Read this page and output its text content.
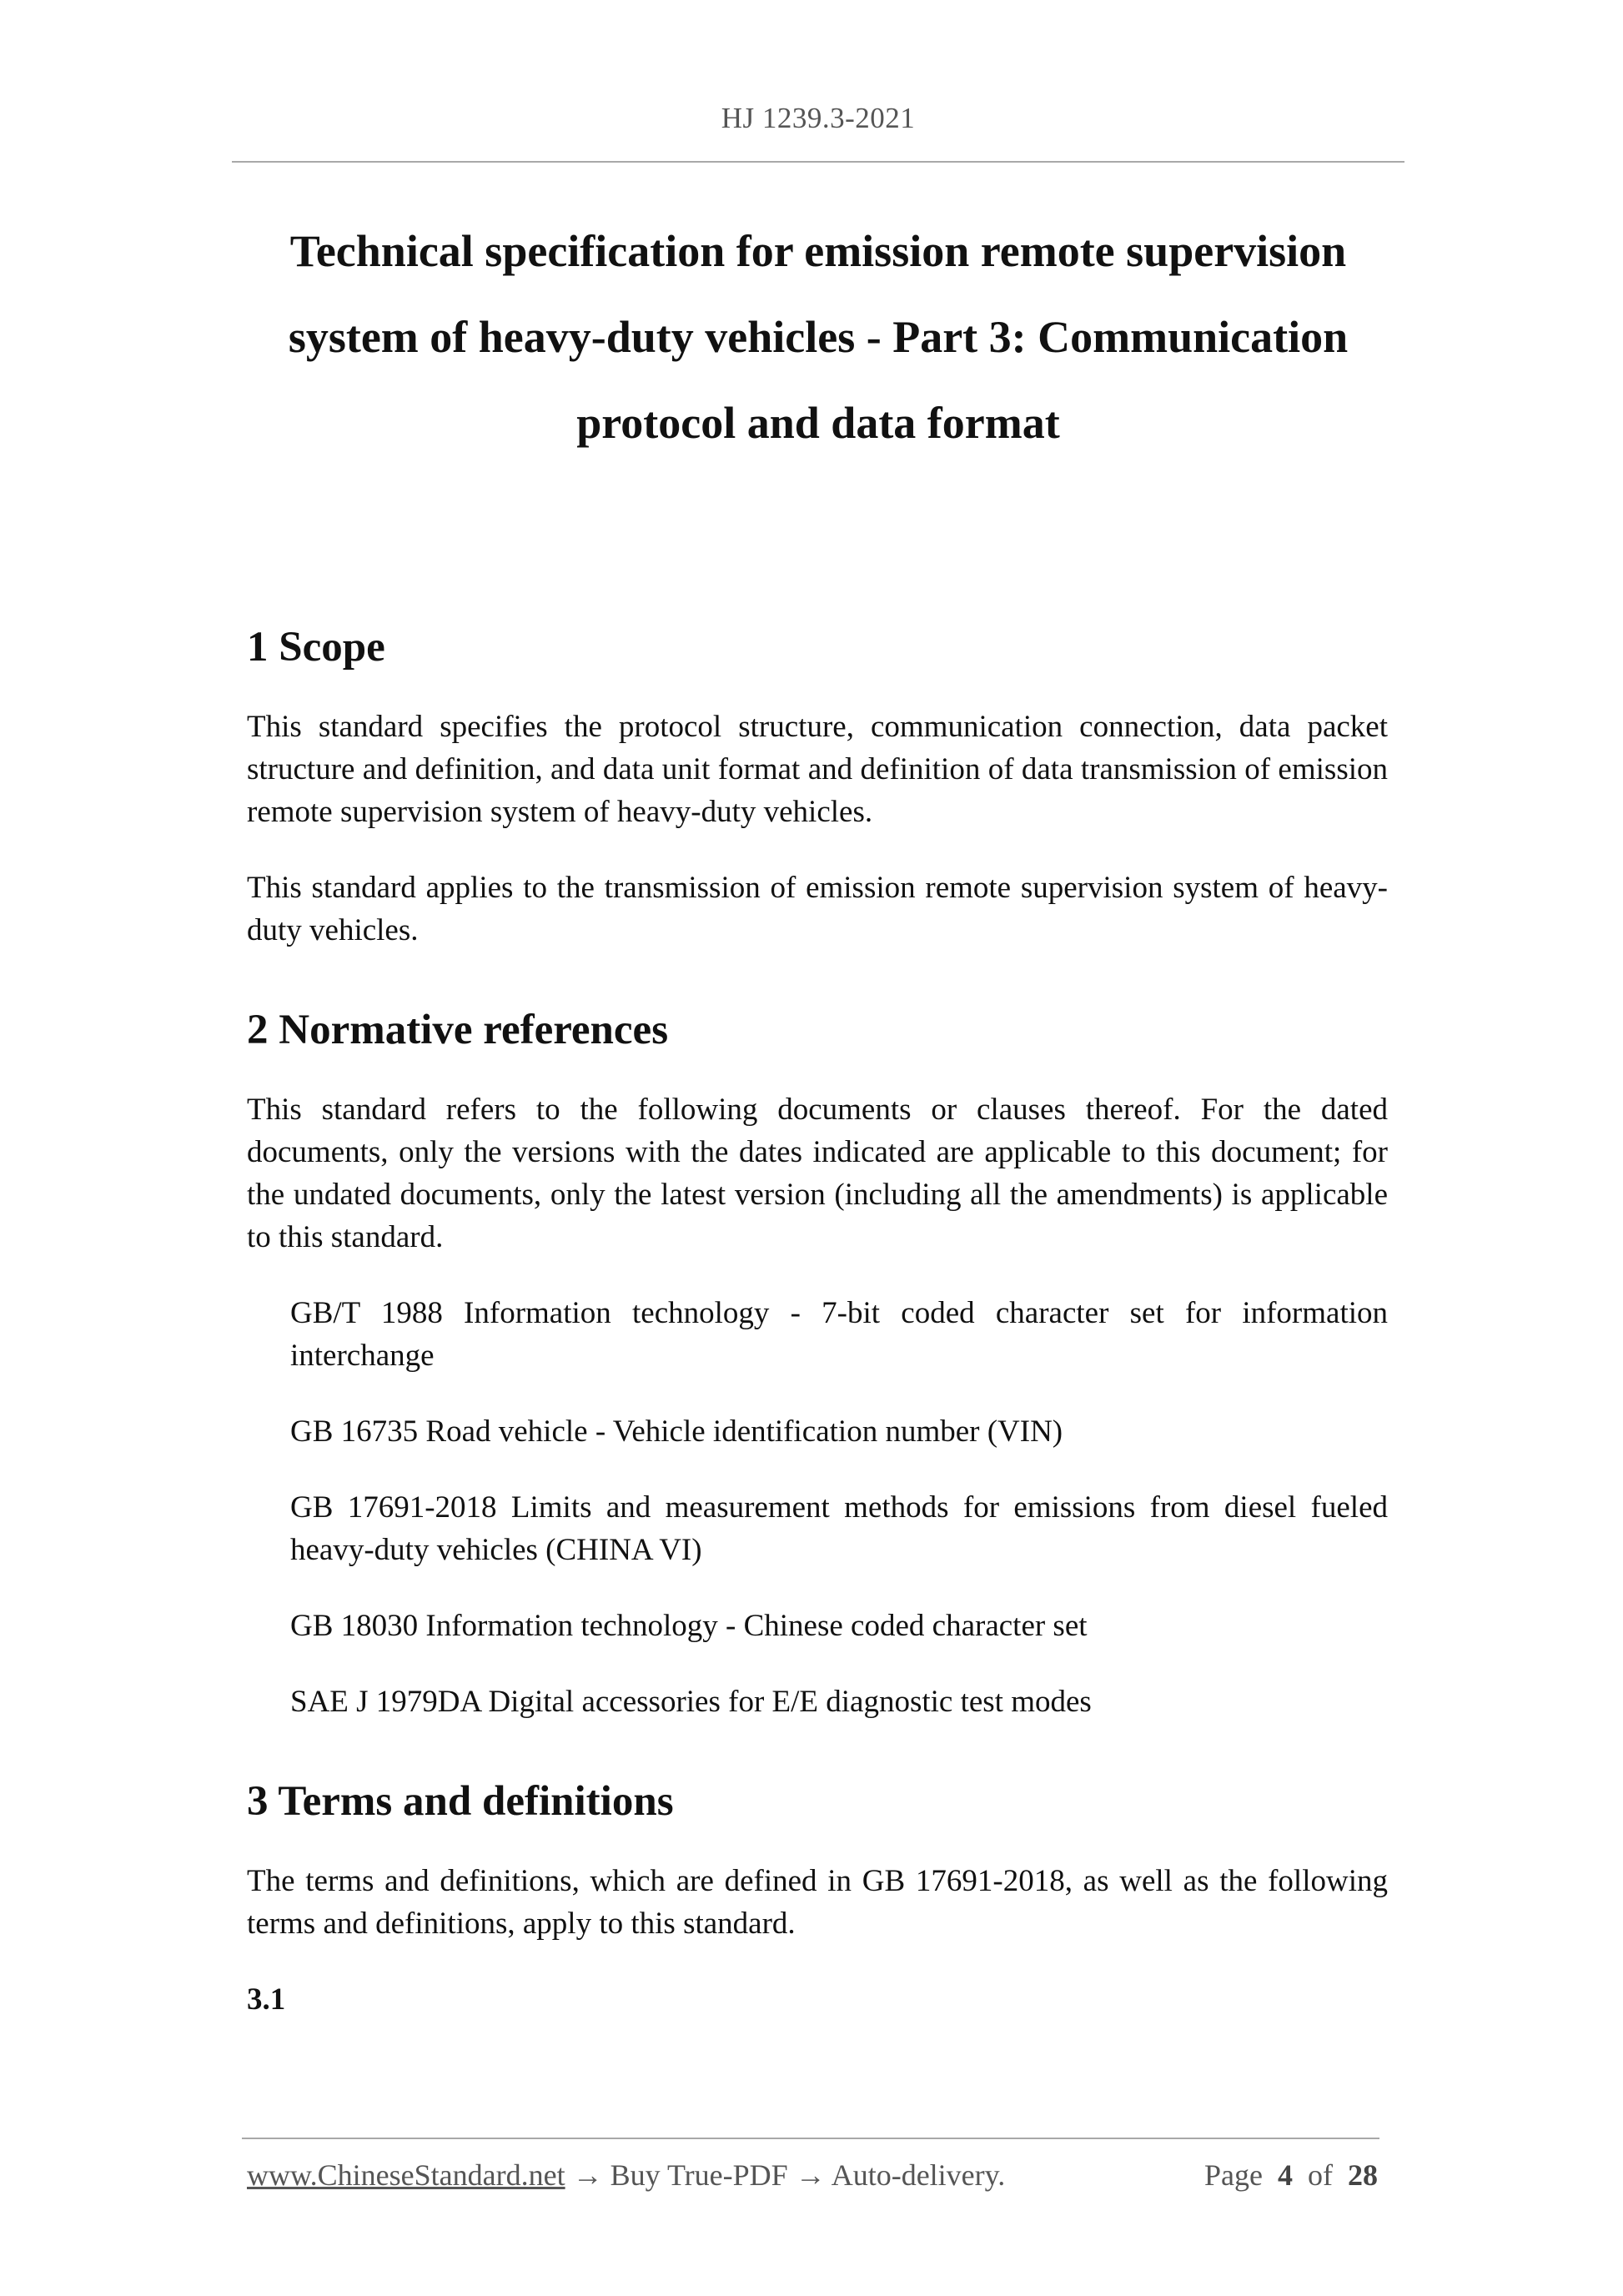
HJ 1239.3-2021
Technical specification for emission remote supervision
system of heavy-duty vehicles - Part 3: Communication
protocol and data format
1 Scope

This standard specifies the protocol structure, communication connection, data packet structure and definition, and data unit format and definition of data transmission of emission remote supervision system of heavy-duty vehicles.

This standard applies to the transmission of emission remote supervision system of heavy-duty vehicles.

2 Normative references

This standard refers to the following documents or clauses thereof. For the dated documents, only the versions with the dates indicated are applicable to this document; for the undated documents, only the latest version (including all the amendments) is applicable to this standard.

GB/T 1988 Information technology - 7-bit coded character set for information interchange

GB 16735 Road vehicle - Vehicle identification number (VIN)

GB 17691-2018 Limits and measurement methods for emissions from diesel fueled heavy-duty vehicles (CHINA VI)

GB 18030 Information technology - Chinese coded character set

SAE J 1979DA Digital accessories for E/E diagnostic test modes

3 Terms and definitions

The terms and definitions, which are defined in GB 17691-2018, as well as the following terms and definitions, apply to this standard.

3.1

www.ChineseStandard.net → Buy True-PDF → Auto-delivery.	Page 4 of 28
